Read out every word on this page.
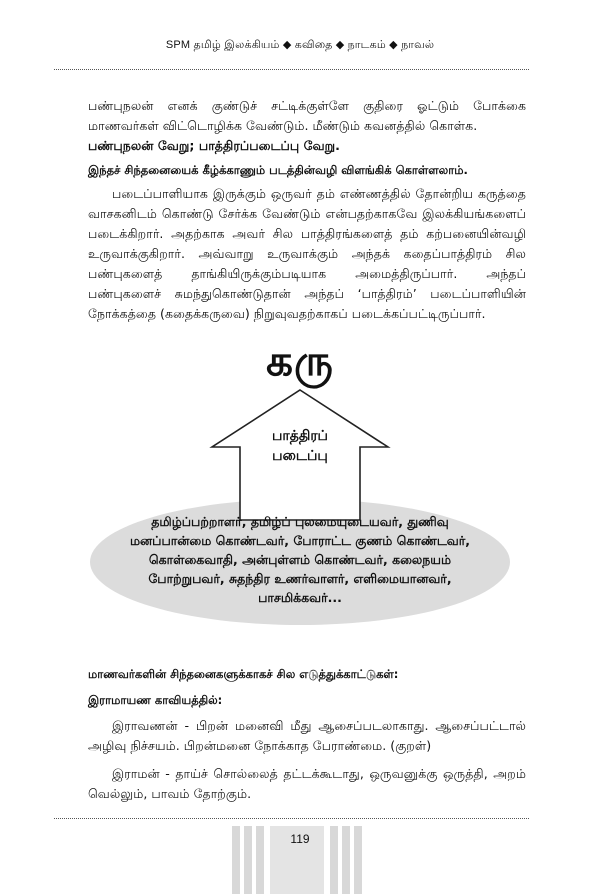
SPM தமிழ் இலக்கியம் ◆ கவிதை ◆ நாடகம் ◆ நாவல்
பண்புநலன் எனக் குண்டுச் சட்டிக்குள்ளே குதிரை ஓட்டும் போக்கை மாணவர்கள் விட்டொழிக்க வேண்டும். மீண்டும் கவனத்தில் கொள்க.
பண்புநலன் வேறு; பாத்திரப்படைப்பு வேறு.
இந்தச் சிந்தனையைக் கீழ்க்காணும் படத்தின்வழி விளங்கிக் கொள்ளலாம்.
படைப்பாளியாக இருக்கும் ஒருவர் தம் எண்ணத்தில் தோன்றிய கருத்தை வாசகனிடம் கொண்டு சேர்க்க வேண்டும் என்பதற்காகவே இலக்கியங்களைப் படைக்கிறார். அதற்காக அவர் சில பாத்திரங்களைத் தம் கற்பனையின்வழி உருவாக்குகிறார். அவ்வாறு உருவாக்கும் அந்தக் கதைப்பாத்திரம் சில பண்புகளைத் தாங்கியிருக்கும்படியாக அமைத்திருப்பார். அந்தப் பண்புகளைச் சுமந்துகொண்டுதான் அந்தப் ‘பாத்திரம்’ படைப்பாளியின் நோக்கத்தை (கதைக்கருவை) நிறுவுவதற்காகப் படைக்கப்பட்டிருப்பார்.
கரு
பாத்திரப்
படைப்பு
தமிழ்ப்பற்றாளர், தமிழ்ப் புலமையுடையவர், துணிவு மனப்பான்மை கொண்டவர், போராட்ட குணம் கொண்டவர், கொள்கைவாதி, அன்புள்ளம் கொண்டவர், கலைநயம் போற்றுபவர், சுதந்திர உணர்வாளர், எளிமையானவர், பாசமிக்கவர்...
மாணவர்களின் சிந்தனைகளுக்காகச் சில எடுத்துக்காட்டுகள்:
இராமாயண காவியத்தில்:
இராவணன் - பிறன் மனைவி மீது ஆசைப்படலாகாது. ஆசைப்பட்டால் அழிவு நிச்சயம். பிறன்மனை நோக்காத பேராண்மை. (குறள்)
இராமன் - தாய்ச் சொல்லைத் தட்டக்கூடாது, ஒருவனுக்கு ஒருத்தி, அறம் வெல்லும், பாவம் தோற்கும்.
119
